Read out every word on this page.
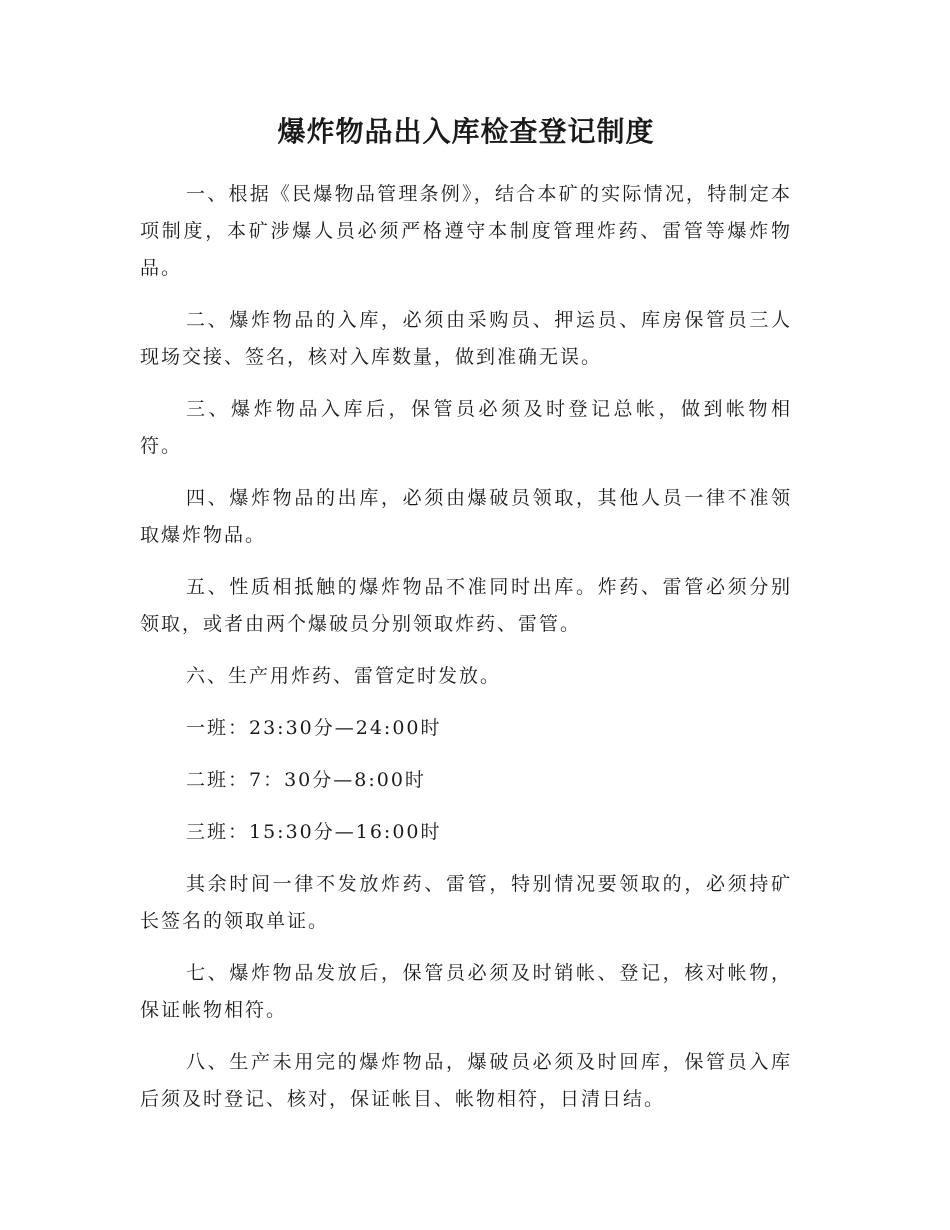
爆炸物品出入库检查登记制度

一、根据《民爆物品管理条例》，结合本矿的实际情况，特制定本项制度，本矿涉爆人员必须严格遵守本制度管理炸药、雷管等爆炸物品。

二、爆炸物品的入库，必须由采购员、押运员、库房保管员三人现场交接、签名，核对入库数量，做到准确无误。

三、爆炸物品入库后，保管员必须及时登记总帐，做到帐物相符。

四、爆炸物品的出库，必须由爆破员领取，其他人员一律不准领取爆炸物品。

五、性质相抵触的爆炸物品不准同时出库。炸药、雷管必须分别领取，或者由两个爆破员分别领取炸药、雷管。

六、生产用炸药、雷管定时发放。

一班：23:30分—24:00时

二班：7：30分—8:00时

三班：15:30分—16:00时

其余时间一律不发放炸药、雷管，特别情况要领取的，必须持矿长签名的领取单证。

七、爆炸物品发放后，保管员必须及时销帐、登记，核对帐物，保证帐物相符。

八、生产未用完的爆炸物品，爆破员必须及时回库，保管员入库后须及时登记、核对，保证帐目、帐物相符，日清日结。
